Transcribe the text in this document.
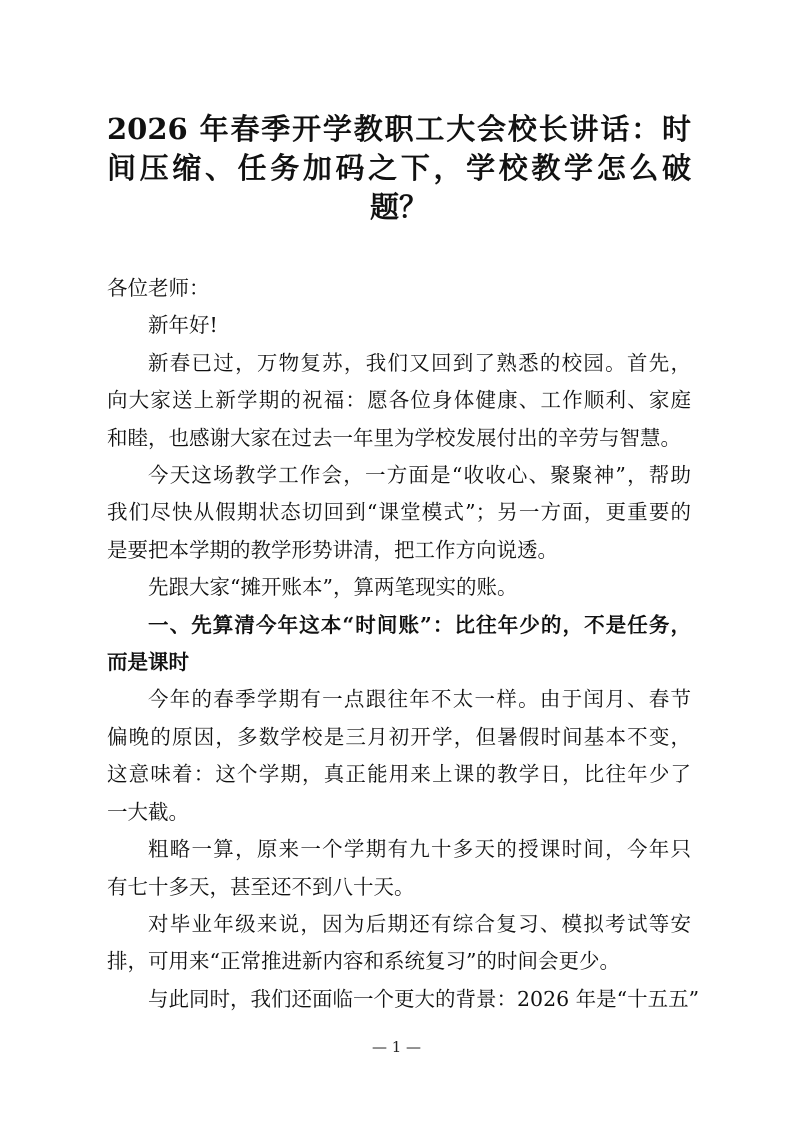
2026 年春季开学教职工大会校长讲话：时
间压缩、任务加码之下，学校教学怎么破
题？
各位老师：
新年好!
新春已过，万物复苏，我们又回到了熟悉的校园。首先，
向大家送上新学期的祝福：愿各位身体健康、工作顺利、家庭
和睦，也感谢大家在过去一年里为学校发展付出的辛劳与智慧。
今天这场教学工作会，一方面是“收收心、聚聚神”，帮助
我们尽快从假期状态切回到“课堂模式”；另一方面，更重要的
是要把本学期的教学形势讲清，把工作方向说透。
先跟大家“摊开账本”，算两笔现实的账。
一、先算清今年这本“时间账”：比往年少的，不是任务，
而是课时
今年的春季学期有一点跟往年不太一样。由于闰月、春节
偏晚的原因，多数学校是三月初开学，但暑假时间基本不变，
这意味着：这个学期，真正能用来上课的教学日，比往年少了
一大截。
粗略一算，原来一个学期有九十多天的授课时间，今年只
有七十多天，甚至还不到八十天。
对毕业年级来说，因为后期还有综合复习、模拟考试等安
排，可用来“正常推进新内容和系统复习”的时间会更少。
与此同时，我们还面临一个更大的背景：2026 年是“十五五”
— 1 —
